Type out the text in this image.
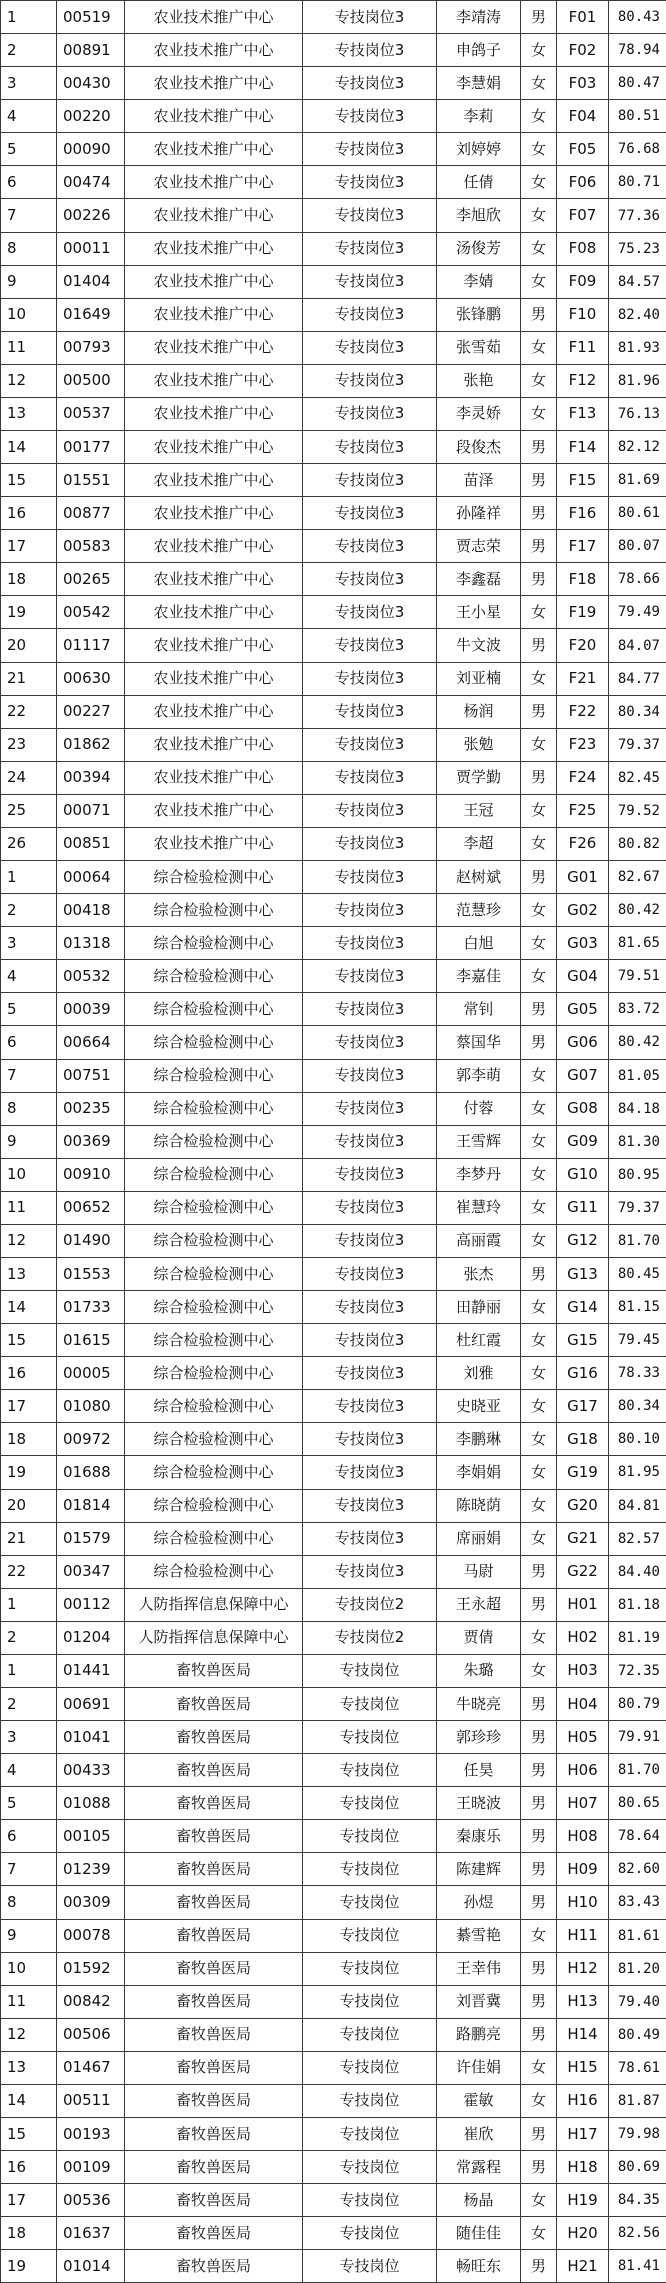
1	00519	农业技术推广中心	专技岗位3	李靖涛	男	F01	80.43
2	00891	农业技术推广中心	专技岗位3	申鸽子	女	F02	78.94
3	00430	农业技术推广中心	专技岗位3	李慧娟	女	F03	80.47
4	00220	农业技术推广中心	专技岗位3	李莉	女	F04	80.51
5	00090	农业技术推广中心	专技岗位3	刘婷婷	女	F05	76.68
6	00474	农业技术推广中心	专技岗位3	任倩	女	F06	80.71
7	00226	农业技术推广中心	专技岗位3	李旭欣	女	F07	77.36
8	00011	农业技术推广中心	专技岗位3	汤俊芳	女	F08	75.23
9	01404	农业技术推广中心	专技岗位3	李婧	女	F09	84.57
10	01649	农业技术推广中心	专技岗位3	张锋鹏	男	F10	82.40
11	00793	农业技术推广中心	专技岗位3	张雪茹	女	F11	81.93
12	00500	农业技术推广中心	专技岗位3	张艳	女	F12	81.96
13	00537	农业技术推广中心	专技岗位3	李灵娇	女	F13	76.13
14	00177	农业技术推广中心	专技岗位3	段俊杰	男	F14	82.12
15	01551	农业技术推广中心	专技岗位3	苗泽	男	F15	81.69
16	00877	农业技术推广中心	专技岗位3	孙隆祥	男	F16	80.61
17	00583	农业技术推广中心	专技岗位3	贾志荣	男	F17	80.07
18	00265	农业技术推广中心	专技岗位3	李鑫磊	男	F18	78.66
19	00542	农业技术推广中心	专技岗位3	王小星	女	F19	79.49
20	01117	农业技术推广中心	专技岗位3	牛文波	男	F20	84.07
21	00630	农业技术推广中心	专技岗位3	刘亚楠	女	F21	84.77
22	00227	农业技术推广中心	专技岗位3	杨润	男	F22	80.34
23	01862	农业技术推广中心	专技岗位3	张勉	女	F23	79.37
24	00394	农业技术推广中心	专技岗位3	贾学勤	男	F24	82.45
25	00071	农业技术推广中心	专技岗位3	王冠	女	F25	79.52
26	00851	农业技术推广中心	专技岗位3	李超	女	F26	80.82
1	00064	综合检验检测中心	专技岗位3	赵树斌	男	G01	82.67
2	00418	综合检验检测中心	专技岗位3	范慧珍	女	G02	80.42
3	01318	综合检验检测中心	专技岗位3	白旭	女	G03	81.65
4	00532	综合检验检测中心	专技岗位3	李嘉佳	女	G04	79.51
5	00039	综合检验检测中心	专技岗位3	常钊	男	G05	83.72
6	00664	综合检验检测中心	专技岗位3	蔡国华	男	G06	80.42
7	00751	综合检验检测中心	专技岗位3	郭李萌	女	G07	81.05
8	00235	综合检验检测中心	专技岗位3	付蓉	女	G08	84.18
9	00369	综合检验检测中心	专技岗位3	王雪辉	女	G09	81.30
10	00910	综合检验检测中心	专技岗位3	李梦丹	女	G10	80.95
11	00652	综合检验检测中心	专技岗位3	崔慧玲	女	G11	79.37
12	01490	综合检验检测中心	专技岗位3	高丽霞	女	G12	81.70
13	01553	综合检验检测中心	专技岗位3	张杰	男	G13	80.45
14	01733	综合检验检测中心	专技岗位3	田静丽	女	G14	81.15
15	01615	综合检验检测中心	专技岗位3	杜红霞	女	G15	79.45
16	00005	综合检验检测中心	专技岗位3	刘雅	女	G16	78.33
17	01080	综合检验检测中心	专技岗位3	史晓亚	女	G17	80.34
18	00972	综合检验检测中心	专技岗位3	李鹏琳	女	G18	80.10
19	01688	综合检验检测中心	专技岗位3	李娟娟	女	G19	81.95
20	01814	综合检验检测中心	专技岗位3	陈晓荫	女	G20	84.81
21	01579	综合检验检测中心	专技岗位3	席丽娟	女	G21	82.57
22	00347	综合检验检测中心	专技岗位3	马尉	男	G22	84.40
1	00112	人防指挥信息保障中心	专技岗位2	王永超	男	H01	81.18
2	01204	人防指挥信息保障中心	专技岗位2	贾倩	女	H02	81.19
1	01441	畜牧兽医局	专技岗位	朱璐	女	H03	72.35
2	00691	畜牧兽医局	专技岗位	牛晓亮	男	H04	80.79
3	01041	畜牧兽医局	专技岗位	郭珍珍	男	H05	79.91
4	00433	畜牧兽医局	专技岗位	任昊	男	H06	81.70
5	01088	畜牧兽医局	专技岗位	王晓波	男	H07	80.65
6	00105	畜牧兽医局	专技岗位	秦康乐	男	H08	78.64
7	01239	畜牧兽医局	专技岗位	陈建辉	男	H09	82.60
8	00309	畜牧兽医局	专技岗位	孙煜	男	H10	83.43
9	00078	畜牧兽医局	专技岗位	綦雪艳	女	H11	81.61
10	01592	畜牧兽医局	专技岗位	王幸伟	男	H12	81.20
11	00842	畜牧兽医局	专技岗位	刘晋冀	男	H13	79.40
12	00506	畜牧兽医局	专技岗位	路鹏亮	男	H14	80.49
13	01467	畜牧兽医局	专技岗位	许佳娟	女	H15	78.61
14	00511	畜牧兽医局	专技岗位	霍敏	女	H16	81.87
15	00193	畜牧兽医局	专技岗位	崔欣	男	H17	79.98
16	00109	畜牧兽医局	专技岗位	常露程	男	H18	80.69
17	00536	畜牧兽医局	专技岗位	杨晶	女	H19	84.35
18	01637	畜牧兽医局	专技岗位	随佳佳	女	H20	82.56
19	01014	畜牧兽医局	专技岗位	畅旺东	男	H21	81.41
